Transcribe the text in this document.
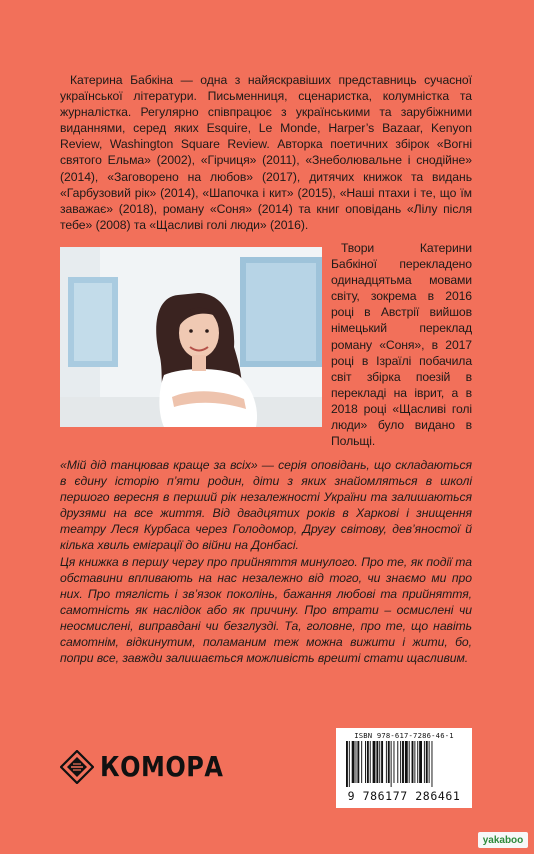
Катерина Бабкіна — одна з найяскравіших представниць сучасної української літератури. Письменниця, сценаристка, колумністка та журналістка. Регулярно співпрацює з українськими та зарубіжними виданнями, серед яких Esquire, Le Monde, Harper’s Bazaar, Kenyon Review, Washington Square Review. Авторка поетичних збірок «Вогні святого Ельма» (2002), «Гірчиця» (2011), «Знеболювальне і снодійне» (2014), «Заговорено на любов» (2017), дитячих книжок та видань «Гарбузовий рік» (2014), «Шапочка і кит» (2015), «Наші птахи і те, що їм заважає» (2018), роману «Соня» (2014) та книг оповідань «Лілу після тебе» (2008) та «Щасливі голі люди» (2016).

Твори Катерини Бабкіної перекладено одинадцятьма мовами світу, зокрема в 2016 році в Австрії вийшов німецький переклад роману «Соня», в 2017 році в Ізраїлі побачила світ збірка поезій в перекладі на іврит, а в 2018 році «Щасливі голі люди» було видано в Польщі.

«Мій дід танцював краще за всіх» — серія оповідань, що складаються в єдину історію п’яти родин, діти з яких знайомляться в школі першого вересня в перший рік незалежності України та залишаються друзями на все життя. Від двадцятих років в Харкові і знищення театру Леся Курбаса через Голодомор, Другу світову, дев’яностої й кілька хвиль еміграції до війни на Донбасі.

Ця книжка в першу чергу про прийняття минулого. Про те, як події та обставини впливають на нас незалежно від того, чи знаємо ми про них. Про тяглість і зв’язок поколінь, бажання любові та прийняття, самотність як наслідок або як причину. Про втрати – осмислені чи неосмислені, виправдані чи безглузді. Та, головне, про те, що навіть самотнім, відкинутим, поламаним теж можна вижити і жити, бо, попри все, завжди залишається можливість врешті стати щасливим.

КОМОРА
ISBN 978-617-7286-46-1
9 786177 286461
yakaboo
